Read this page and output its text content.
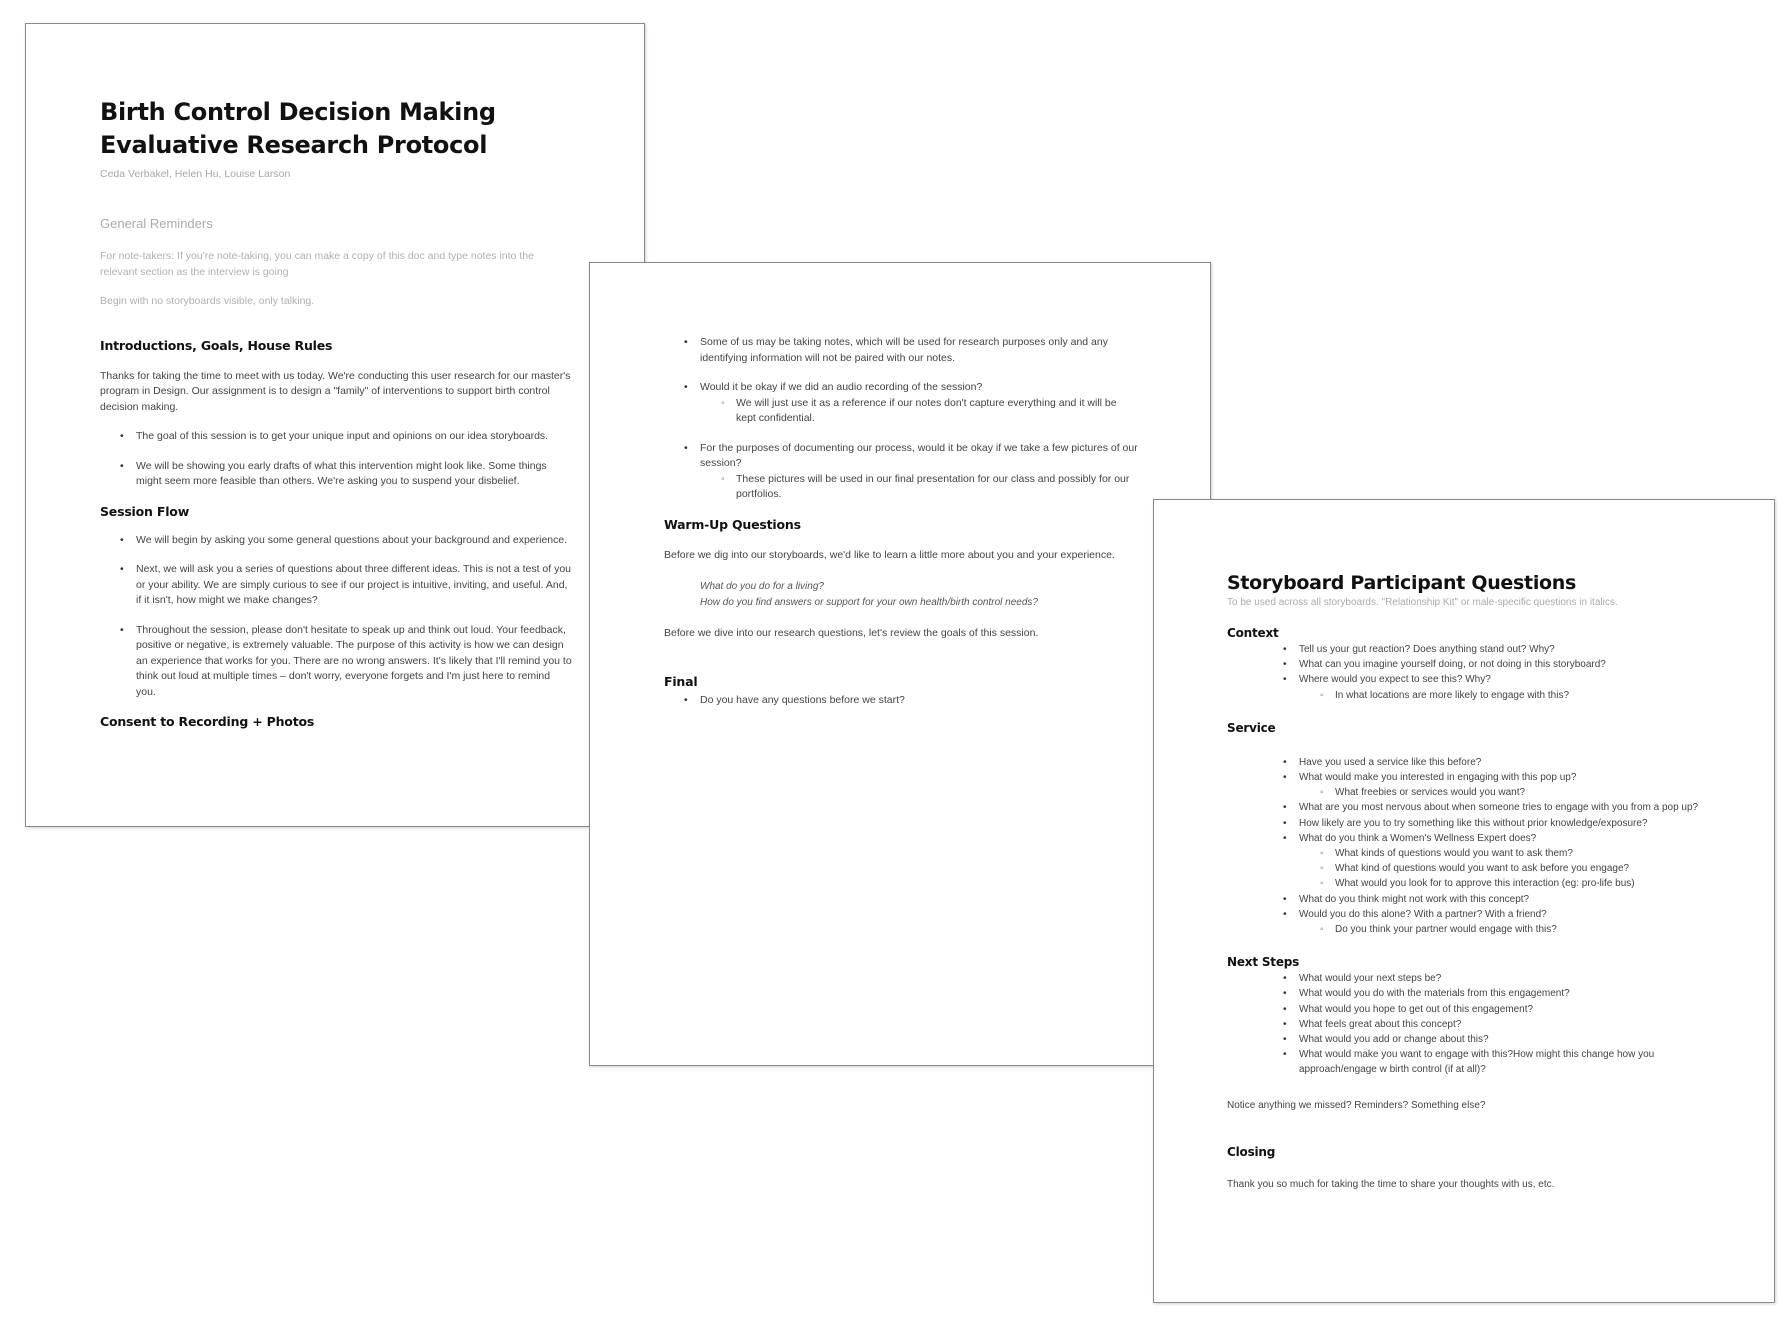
Birth Control Decision Making
Evaluative Research Protocol

Ceda Verbakel, Helen Hu, Louise Larson

General Reminders

For note-takers: If you're note-taking, you can make a copy of this doc and type notes into the relevant section as the interview is going

Begin with no storyboards visible, only talking.

Introductions, Goals, House Rules

Thanks for taking the time to meet with us today. We're conducting this user research for our master's program in Design. Our assignment is to design a "family" of interventions to support birth control decision making.

• The goal of this session is to get your unique input and opinions on our idea storyboards.
• We will be showing you early drafts of what this intervention might look like. Some things might seem more feasible than others. We're asking you to suspend your disbelief.
Session Flow
• We will begin by asking you some general questions about your background and experience.
• Next, we will ask you a series of questions about three different ideas. This is not a test of you or your ability. We are simply curious to see if our project is intuitive, inviting, and useful. And, if it isn't, how might we make changes?
• Throughout the session, please don't hesitate to speak up and think out loud. Your feedback, positive or negative, is extremely valuable. The purpose of this activity is how we can design an experience that works for you. There are no wrong answers. It's likely that I'll remind you to think out loud at multiple times – don't worry, everyone forgets and I'm just here to remind you.
Consent to Recording + Photos
• Some of us may be taking notes, which will be used for research purposes only and any identifying information will not be paired with our notes.
• Would it be okay if we did an audio recording of the session?
◦ We will just use it as a reference if our notes don't capture everything and it will be kept confidential.
• For the purposes of documenting our process, would it be okay if we take a few pictures of our session?
◦ These pictures will be used in our final presentation for our class and possibly for our portfolios.
Warm-Up Questions

Before we dig into our storyboards, we'd like to learn a little more about you and your experience.

What do you do for a living?
How do you find answers or support for your own health/birth control needs?

Before we dive into our research questions, let's review the goals of this session.

Final
• Do you have any questions before we start?
Storyboard Participant Questions

To be used across all storyboards. "Relationship Kit" or male-specific questions in italics.

Context
• Tell us your gut reaction? Does anything stand out? Why?
• What can you imagine yourself doing, or not doing in this storyboard?
• Where would you expect to see this? Why?
◦ In what locations are more likely to engage with this?
Service
• Have you used a service like this before?
• What would make you interested in engaging with this pop up?
◦ What freebies or services would you want?
• What are you most nervous about when someone tries to engage with you from a pop up?
• How likely are you to try something like this without prior knowledge/exposure?
• What do you think a Women's Wellness Expert does?
◦ What kinds of questions would you want to ask them?
◦ What kind of questions would you want to ask before you engage?
◦ What would you look for to approve this interaction (eg: pro-life bus)
• What do you think might not work with this concept?
• Would you do this alone? With a partner? With a friend?
◦ Do you think your partner would engage with this?
Next Steps
• What would your next steps be?
• What would you do with the materials from this engagement?
• What would you hope to get out of this engagement?
• What feels great about this concept?
• What would you add or change about this?
• What would make you want to engage with this?How might this change how you approach/engage w birth control (if at all)?

Notice anything we missed? Reminders? Something else?

Closing

Thank you so much for taking the time to share your thoughts with us, etc.
